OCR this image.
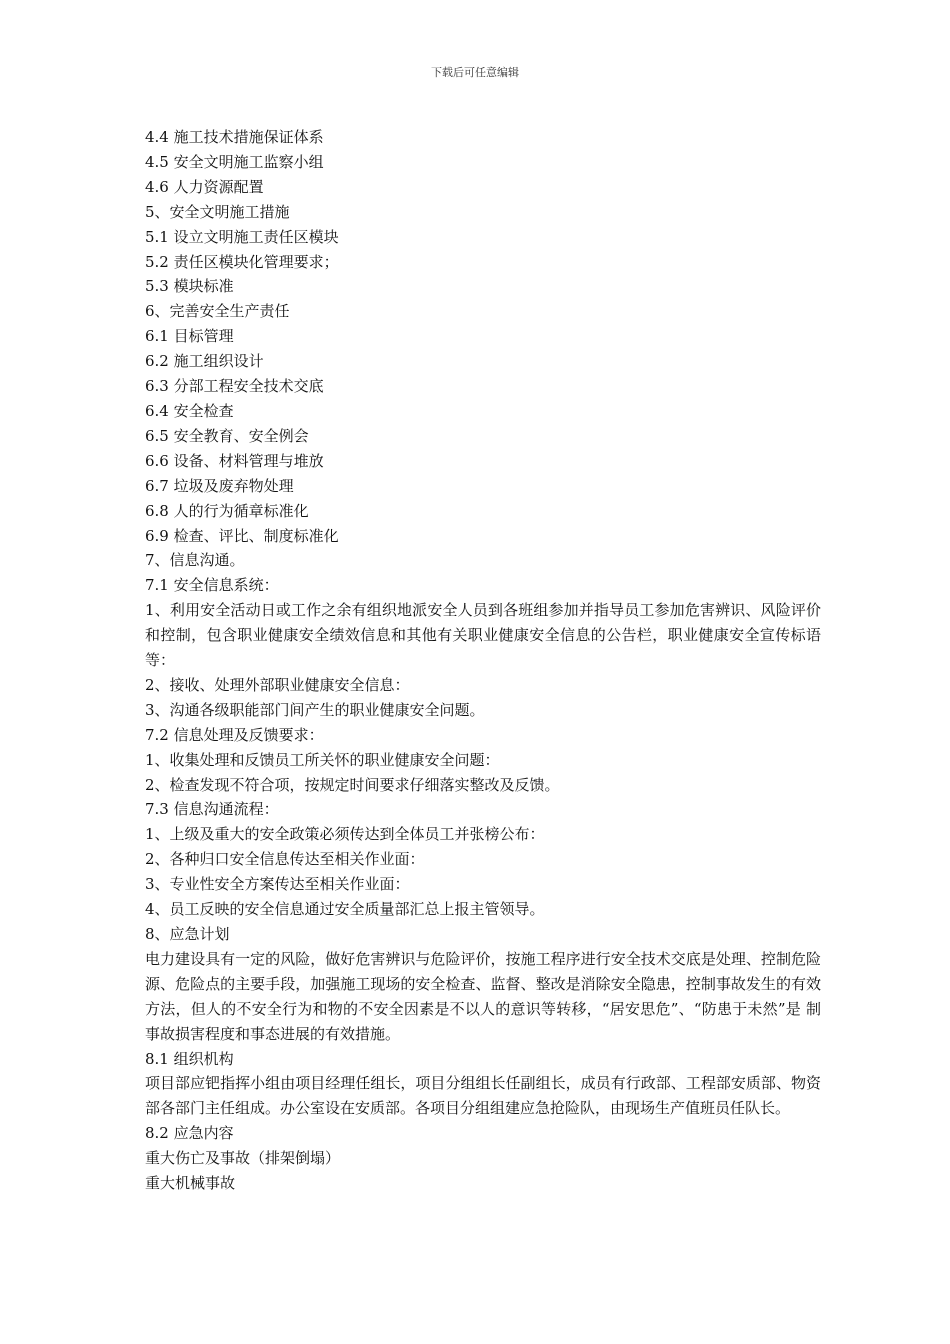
下载后可任意编辑

4.4 施工技术措施保证体系

4.5 安全文明施工监察小组

4.6 人力资源配置

5、安全文明施工措施

5.1 设立文明施工责任区模块

5.2 责任区模块化管理要求；

5.3 模块标准

6、完善安全生产责任

6.1 目标管理

6.2 施工组织设计

6.3 分部工程安全技术交底

6.4 安全检查

6.5 安全教育、安全例会

6.6 设备、材料管理与堆放

6.7 垃圾及废弃物处理

6.8 人的行为循章标准化

6.9 检查、评比、制度标准化

7、信息沟通。

7.1 安全信息系统：

1、利用安全活动日或工作之余有组织地派安全人员到各班组参加并指导员工参加危害辨识、风险评价和控制，包含职业健康安全绩效信息和其他有关职业健康安全信息的公告栏，职业健康安全宣传标语等：

2、接收、处理外部职业健康安全信息：

3、沟通各级职能部门间产生的职业健康安全问题。

7.2 信息处理及反馈要求：

1、收集处理和反馈员工所关怀的职业健康安全问题：

2、检查发现不符合项，按规定时间要求仔细落实整改及反馈。

7.3 信息沟通流程：

1、上级及重大的安全政策必须传达到全体员工并张榜公布：

2、各种归口安全信息传达至相关作业面：

3、专业性安全方案传达至相关作业面：

4、员工反映的安全信息通过安全质量部汇总上报主管领导。

8、应急计划

电力建设具有一定的风险，做好危害辨识与危险评价，按施工程序进行安全技术交底是处理、控制危险源、危险点的主要手段，加强施工现场的安全检查、监督、整改是消除安全隐患，控制事故发生的有效方法，但人的不安全行为和物的不安全因素是不以人的意识等转移，“居安思危”、“防患于未然”是 制事故损害程度和事态进展的有效措施。

8.1 组织机构

项目部应钯指挥小组由项目经理任组长，项目分组组长任副组长，成员有行政部、工程部安质部、物资部各部门主任组成。办公室设在安质部。各项目分组组建应急抢险队，由现场生产值班员任队长。

8.2 应急内容

重大伤亡及事故（排架倒塌）

重大机械事故
